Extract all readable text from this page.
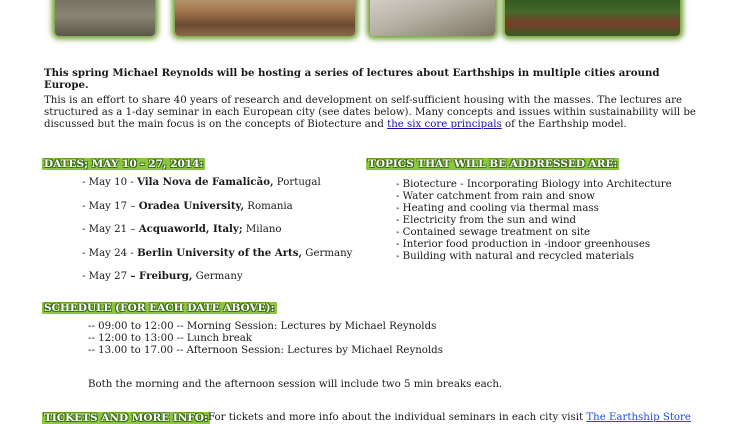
This spring Michael Reynolds will be hosting a series of lectures about Earthships in multiple cities around Europe.

This is an effort to share 40 years of research and development on self-sufficient housing with the masses. The lectures are structured as a 1-day seminar in each European city (see dates below). Many concepts and issues within sustainability will be discussed but the main focus is on the concepts of Biotecture and the six core principals of the Earthship model.

DATES; MAY 10 - 27, 2014:
- May 10 - Vila Nova de Famalicão, Portugal
- May 17 – Oradea University, Romania
- May 21 – Acquaworld, Italy; Milano
- May 24 - Berlin University of the Arts, Germany
- May 27 – Freiburg, Germany
TOPICS THAT WILL BE ADDRESSED ARE:
- Biotecture - Incorporating Biology into Architecture
- Water catchment from rain and snow
- Heating and cooling via thermal mass
- Electricity from the sun and wind
- Contained sewage treatment on site
- Interior food production in -indoor greenhouses
- Building with natural and recycled materials
SCHEDULE (FOR EACH DATE ABOVE):
-- 09:00 to 12:00 -- Morning Session: Lectures by Michael Reynolds
-- 12:00 to 13:00 -- Lunch break
-- 13.00 to 17.00 -- Afternoon Session: Lectures by Michael Reynolds

Both the morning and the afternoon session will include two 5 min breaks each.

TICKETS AND MORE INFO: For tickets and more info about the individual seminars in each city visit The Earthship Store
